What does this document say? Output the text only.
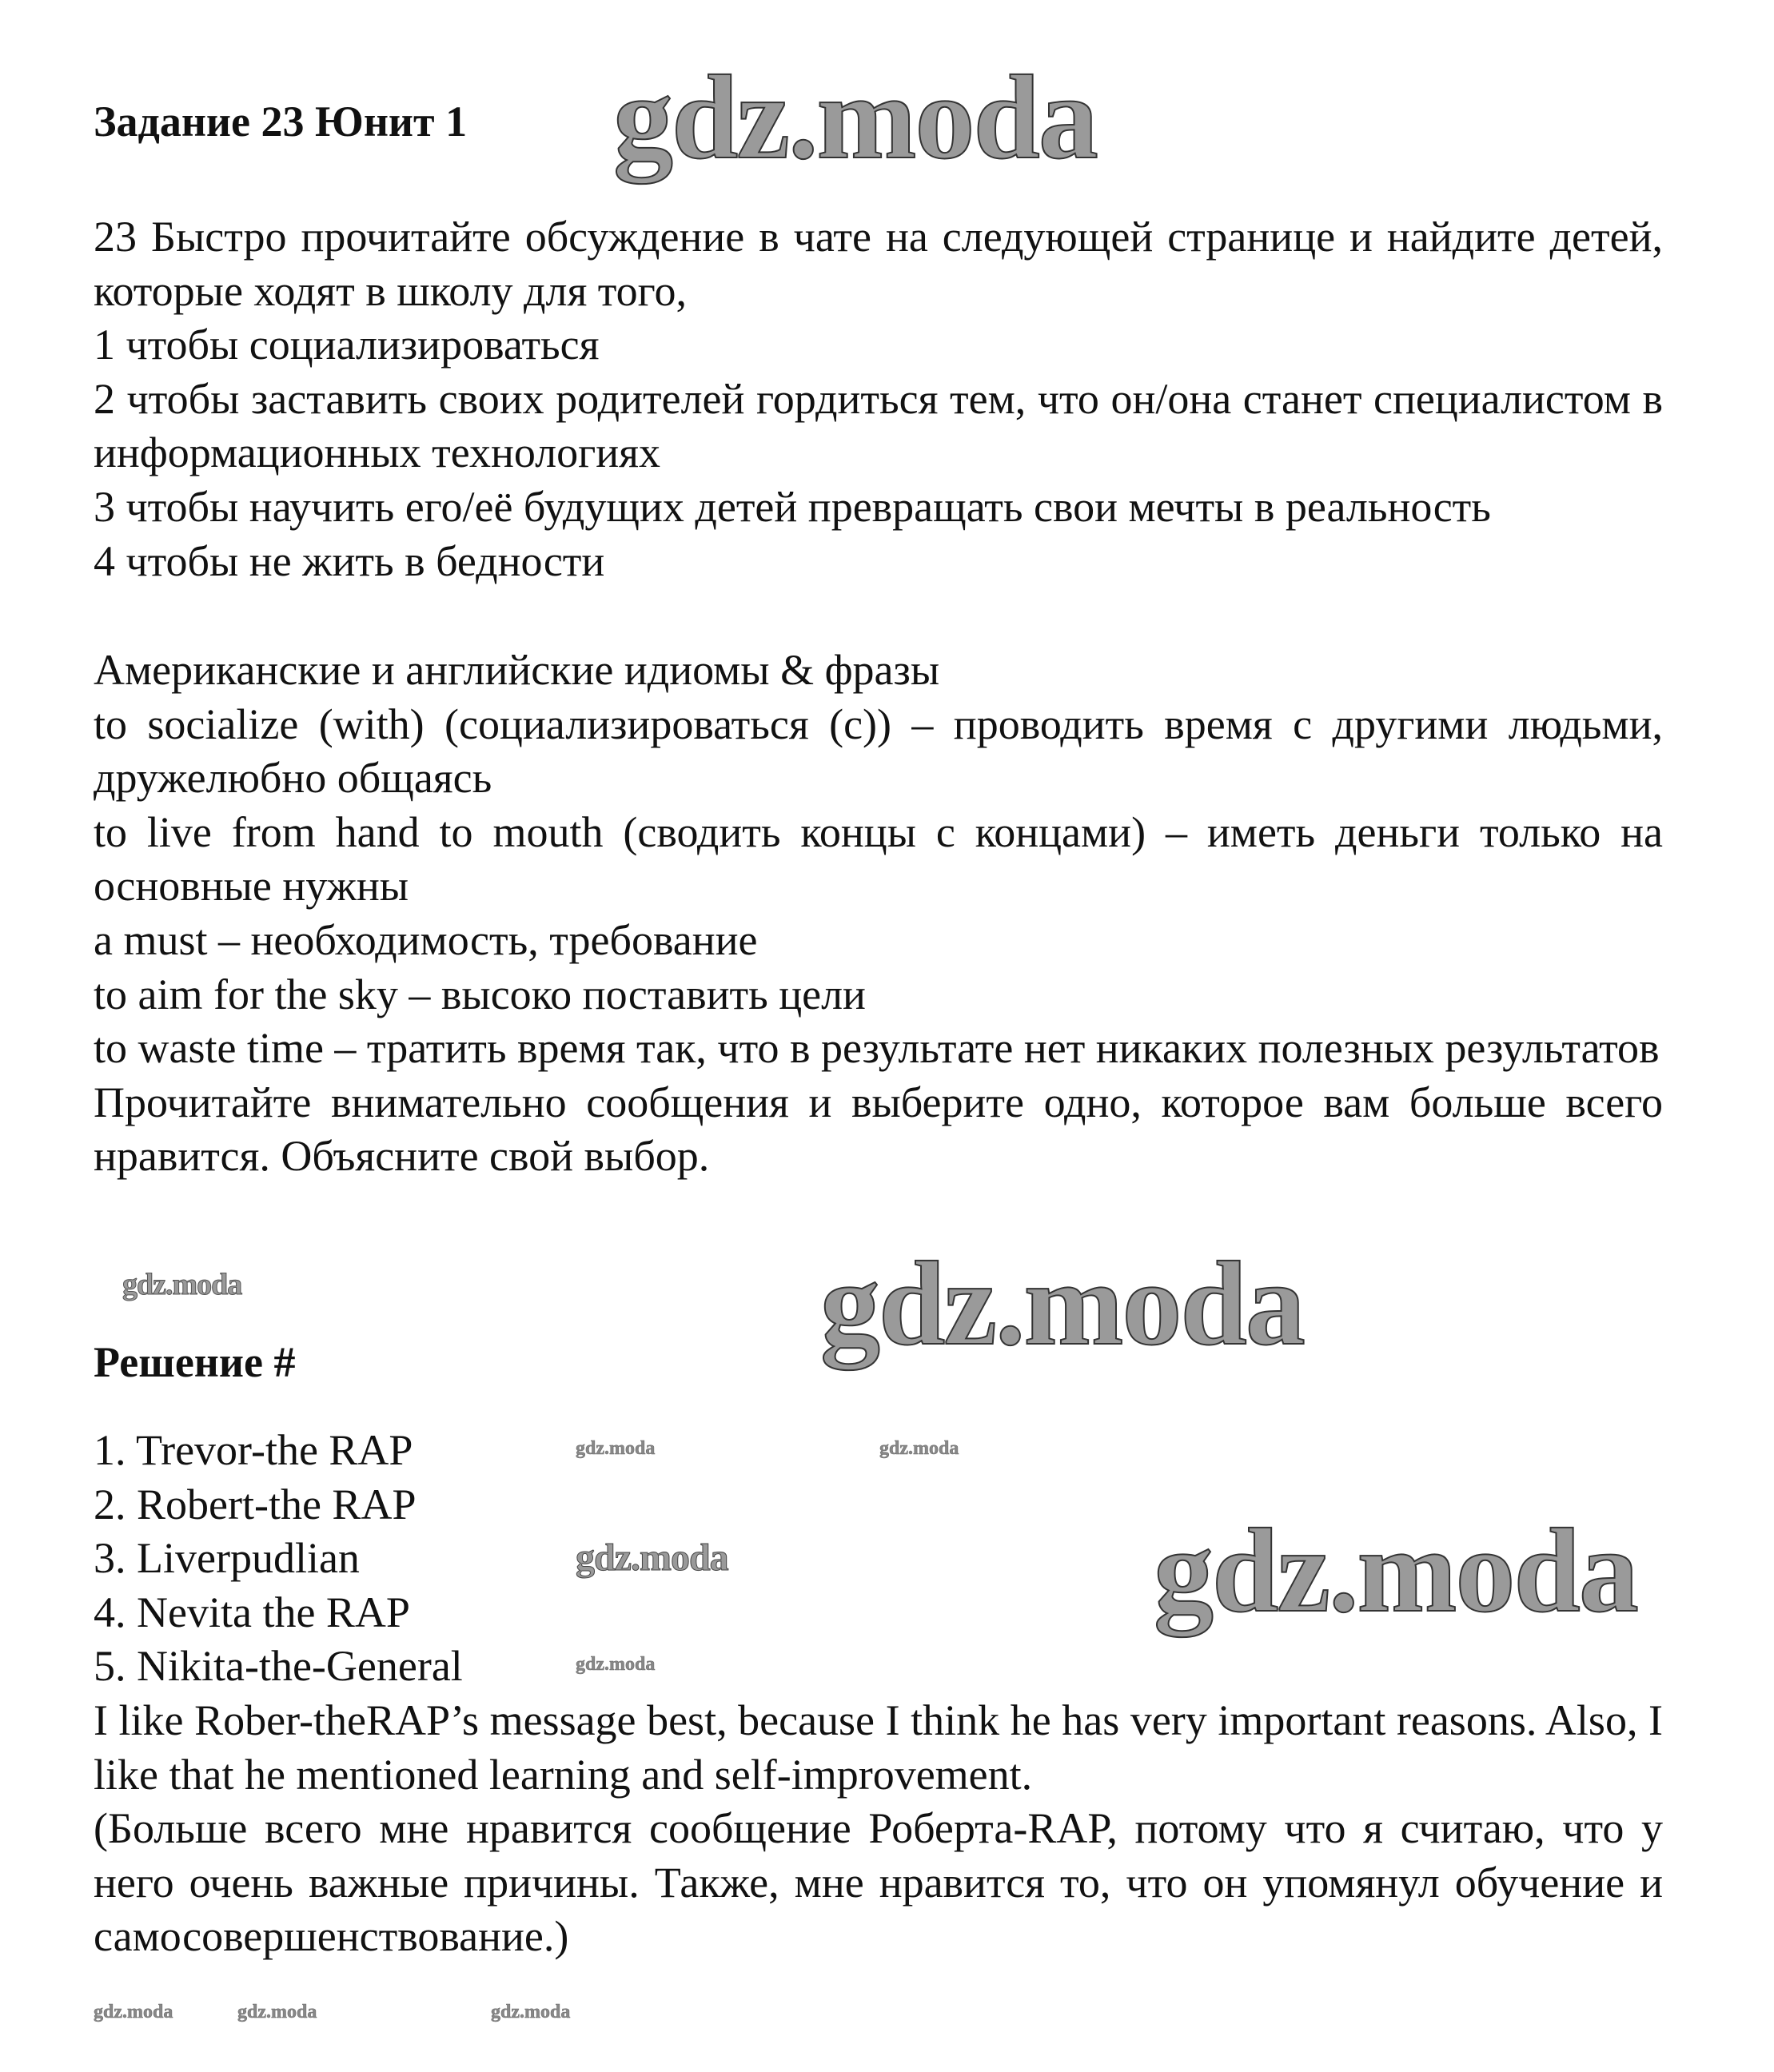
Задание 23 Юнит 1

23 Быстро прочитайте обсуждение в чате на следующей странице и найдите детей, которые ходят в школу для того,

1 чтобы социализироваться

2 чтобы заставить своих родителей гордиться тем, что он/она станет специалистом в информационных технологиях

3 чтобы научить его/её будущих детей превращать свои мечты в реальность

4 чтобы не жить в бедности

Американские и английские идиомы & фразы

to socialize (with) (социализироваться (с)) – проводить время с другими людьми, дружелюбно общаясь

to live from hand to mouth (сводить концы с концами) – иметь деньги только на основные нужны

a must – необходимость, требование

to aim for the sky – высоко поставить цели

to waste time – тратить время так, что в результате нет никаких полезных результатов

Прочитайте внимательно сообщения и выберите одно, которое вам больше всего нравится. Объясните свой выбор.

Решение #

1. Trevor-the RAP

2. Robert-the RAP

3. Liverpudlian

4. Nevita the RAP

5. Nikita-the-General

I like Rober-theRAP’s message best, because I think he has very important reasons. Also, I like that he mentioned learning and self-improvement.

(Больше всего мне нравится сообщение Роберта-RAP, потому что я считаю, что у него очень важные причины. Также, мне нравится то, что он упомянул обучение и самосовершенствование.)

gdz.moda
gdz.moda
gdz.moda
gdz.moda
gdz.moda
gdz.moda	gdz.moda
gdz.moda
gdz.moda	gdz.moda	gdz.moda
